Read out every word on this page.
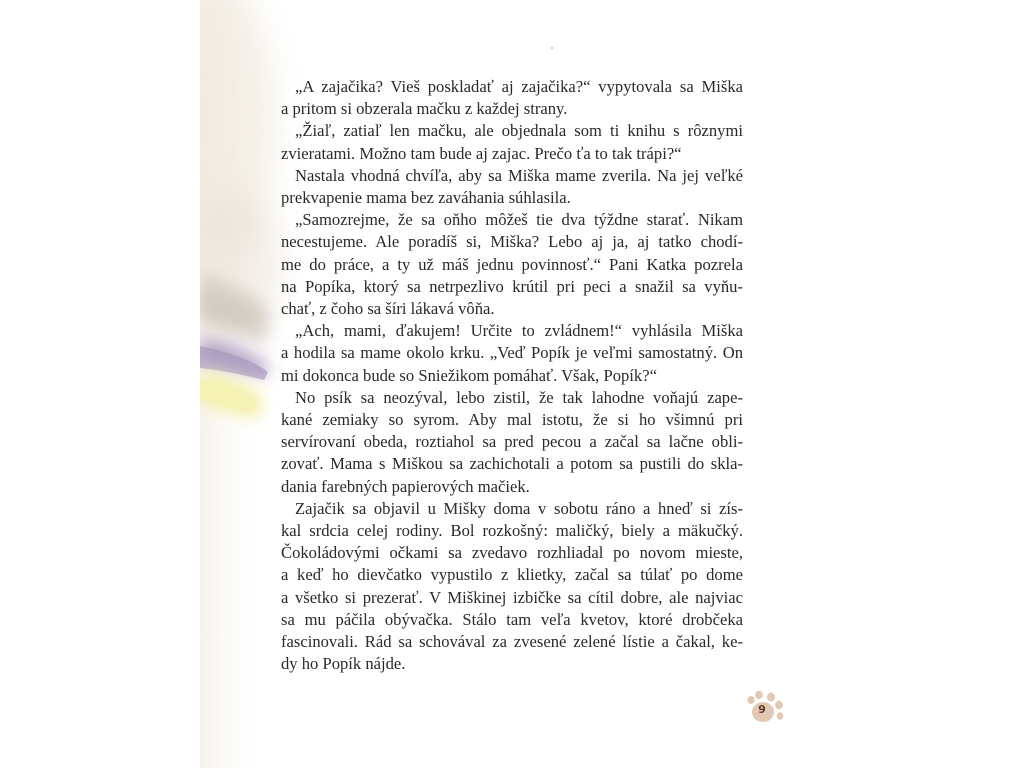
„A zajačika? Vieš poskladať aj zajačika?“ vypytovala sa Miška
a pritom si obzerala mačku z každej strany.
„Žiaľ, zatiaľ len mačku, ale objednala som ti knihu s rôznymi
zvieratami. Možno tam bude aj zajac. Prečo ťa to tak trápi?“
Nastala vhodná chvíľa, aby sa Miška mame zverila. Na jej veľké
prekvapenie mama bez zaváhania súhlasila.
„Samozrejme, že sa oňho môžeš tie dva týždne starať. Nikam
necestujeme. Ale poradíš si, Miška? Lebo aj ja, aj tatko chodí-
me do práce, a ty už máš jednu povinnosť.“ Pani Katka pozrela
na Popíka, ktorý sa netrpezlivo krútil pri peci a snažil sa vyňu-
chať, z čoho sa šíri lákavá vôňa.
„Ach, mami, ďakujem! Určite to zvládnem!“ vyhlásila Miška
a hodila sa mame okolo krku. „Veď Popík je veľmi samostatný. On
mi dokonca bude so Sniežikom pomáhať. Však, Popík?“
No psík sa neozýval, lebo zistil, že tak lahodne voňajú zape-
kané zemiaky so syrom. Aby mal istotu, že si ho všimnú pri
servírovaní obeda, roztiahol sa pred pecou a začal sa lačne obli-
zovať. Mama s Miškou sa zachichotali a potom sa pustili do skla-
dania farebných papierových mačiek.
Zajačik sa objavil u Mišky doma v sobotu ráno a hneď si zís-
kal srdcia celej rodiny. Bol rozkošný: maličký, biely a mäkučký.
Čokoládovými očkami sa zvedavo rozhliadal po novom mieste,
a keď ho dievčatko vypustilo z klietky, začal sa túlať po dome
a všetko si prezerať. V Miškinej izbičke sa cítil dobre, ale najviac
sa mu páčila obývačka. Stálo tam veľa kvetov, ktoré drobčeka
fascinovali. Rád sa schovával za zvesené zelené lístie a čakal, ke-
dy ho Popík nájde.
9
